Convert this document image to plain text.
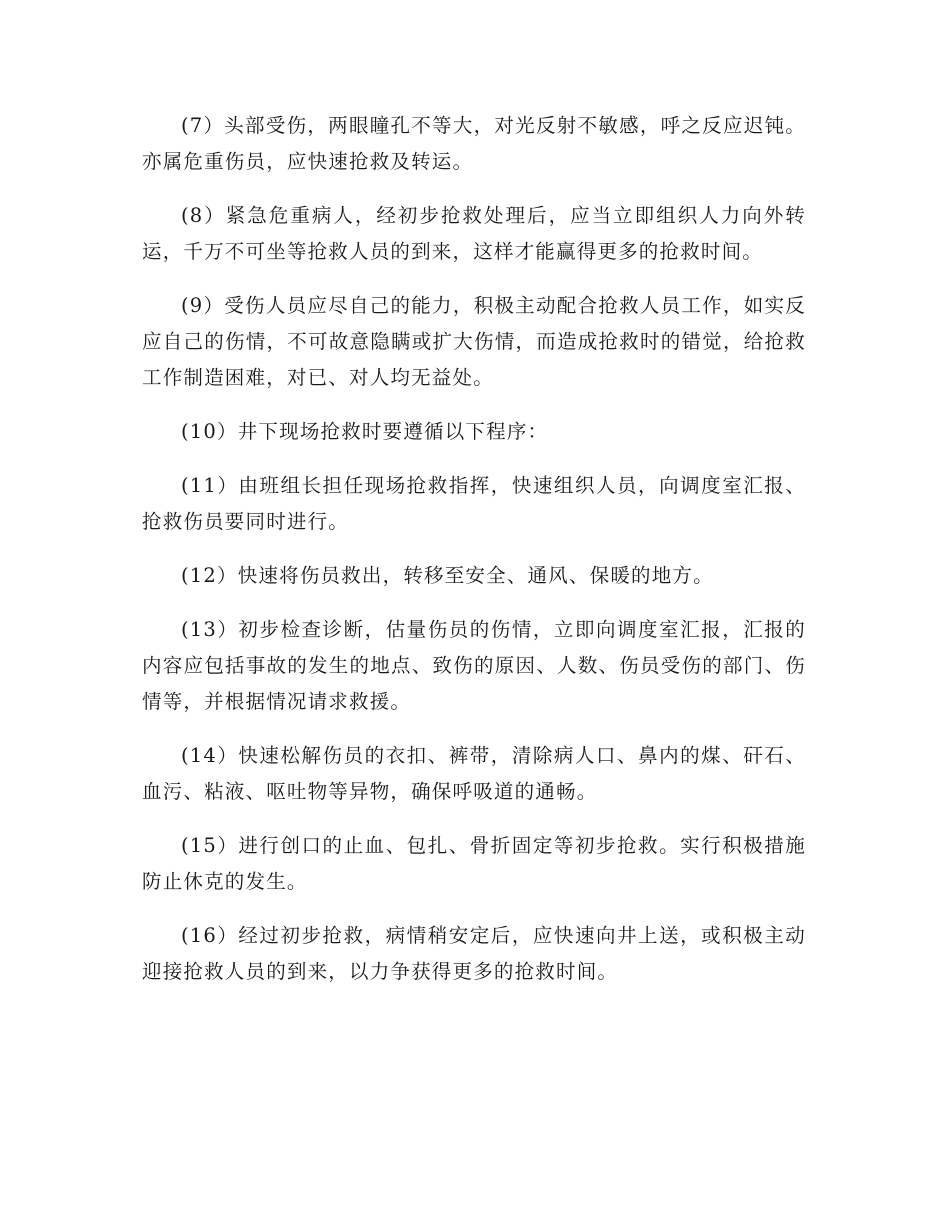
(7）头部受伤，两眼瞳孔不等大，对光反射不敏感，呼之反应迟钝。亦属危重伤员，应快速抢救及转运。

(8）紧急危重病人，经初步抢救处理后，应当立即组织人力向外转运，千万不可坐等抢救人员的到来，这样才能赢得更多的抢救时间。

(9）受伤人员应尽自己的能力，积极主动配合抢救人员工作，如实反应自己的伤情，不可故意隐瞒或扩大伤情，而造成抢救时的错觉，给抢救工作制造困难，对已、对人均无益处。

(10）井下现场抢救时要遵循以下程序：

(11）由班组长担任现场抢救指挥，快速组织人员，向调度室汇报、抢救伤员要同时进行。

(12）快速将伤员救出，转移至安全、通风、保暖的地方。

(13）初步检查诊断，估量伤员的伤情，立即向调度室汇报，汇报的内容应包括事故的发生的地点、致伤的原因、人数、伤员受伤的部门、伤情等，并根据情况请求救援。

(14）快速松解伤员的衣扣、裤带，清除病人口、鼻内的煤、矸石、血污、粘液、呕吐物等异物，确保呼吸道的通畅。

(15）进行创口的止血、包扎、骨折固定等初步抢救。实行积极措施防止休克的发生。

(16）经过初步抢救，病情稍安定后，应快速向井上送，或积极主动迎接抢救人员的到来，以力争获得更多的抢救时间。
